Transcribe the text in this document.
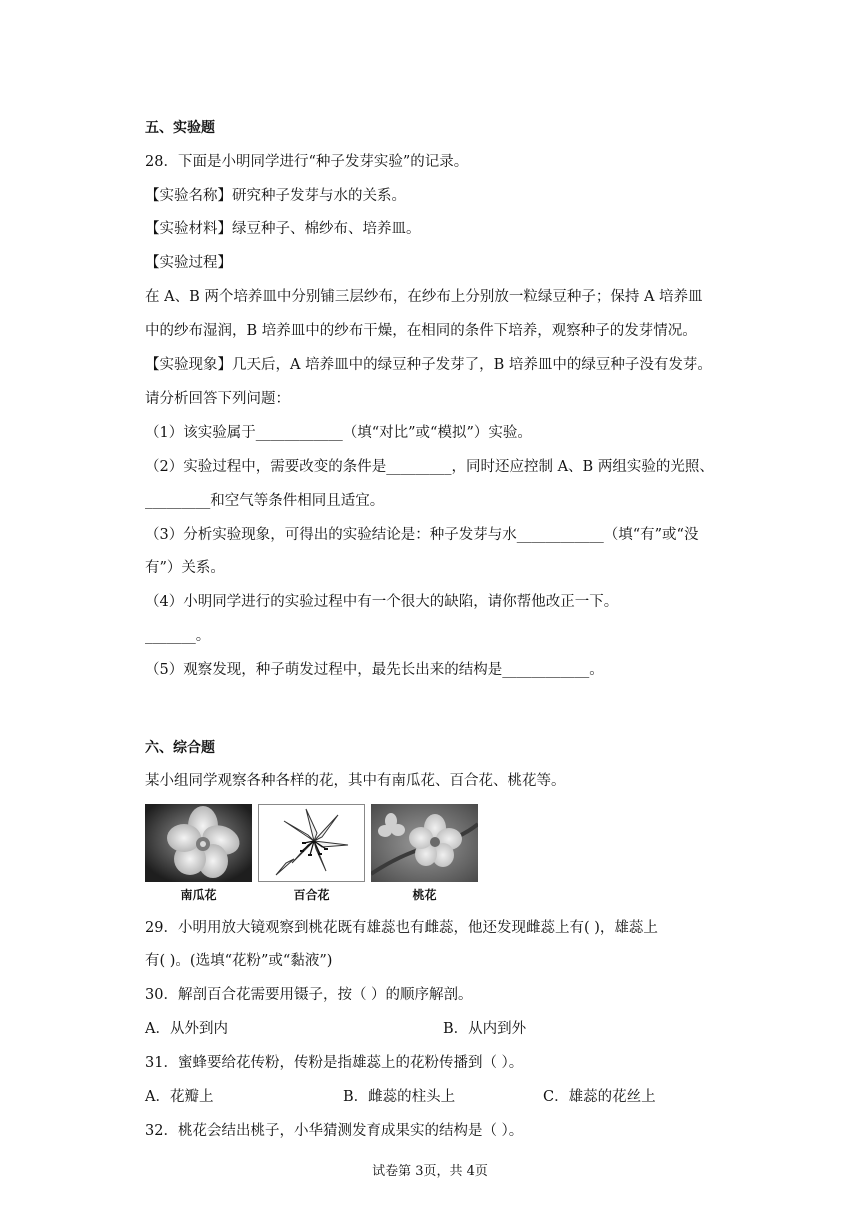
五、实验题
28．下面是小明同学进行“种子发芽实验”的记录。
【实验名称】研究种子发芽与水的关系。
【实验材料】绿豆种子、棉纱布、培养皿。
【实验过程】
在 A、B 两个培养皿中分别铺三层纱布，在纱布上分别放一粒绿豆种子；保持 A 培养皿
中的纱布湿润，B 培养皿中的纱布干燥，在相同的条件下培养，观察种子的发芽情况。
【实验现象】几天后，A 培养皿中的绿豆种子发芽了，B 培养皿中的绿豆种子没有发芽。
请分析回答下列问题：
（1）该实验属于____________（填“对比”或“模拟”）实验。
（2）实验过程中，需要改变的条件是_________，同时还应控制 A、B 两组实验的光照、
_________和空气等条件相同且适宜。
（3）分析实验现象，可得出的实验结论是：种子发芽与水____________（填“有”或“没
有”）关系。
（4）小明同学进行的实验过程中有一个很大的缺陷，请你帮他改正一下。
_______。
（5）观察发现，种子萌发过程中，最先长出来的结构是____________。
六、综合题
某小组同学观察各种各样的花，其中有南瓜花、百合花、桃花等。
南瓜花	百合花	桃花
29．小明用放大镜观察到桃花既有雄蕊也有雌蕊，他还发现雌蕊上有( )，雄蕊上
有( )。(选填“花粉”或“黏液”)
30．解剖百合花需要用镊子，按（ ）的顺序解剖。
A．从外到内	B．从内到外
31．蜜蜂要给花传粉，传粉是指雄蕊上的花粉传播到（ ）。
A．花瓣上	B．雌蕊的柱头上	C．雄蕊的花丝上
32．桃花会结出桃子，小华猜测发育成果实的结构是（ ）。
试卷第 3页，共 4页
